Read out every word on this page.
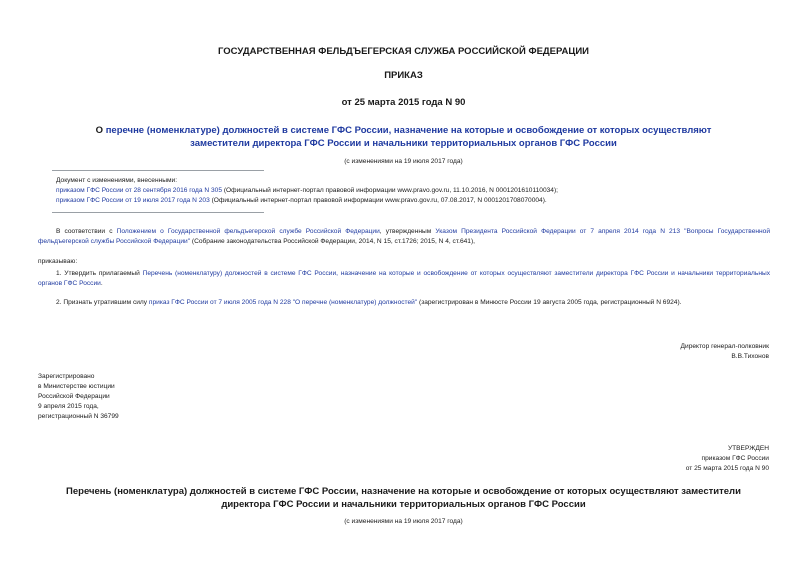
ГОСУДАРСТВЕННАЯ ФЕЛЬДЪЕГЕРСКАЯ СЛУЖБА РОССИЙСКОЙ ФЕДЕРАЦИИ
ПРИКАЗ
от 25 марта 2015 года N 90
О перечне (номенклатуре) должностей в системе ГФС России, назначение на которые и освобождение от которых осуществляют заместители директора ГФС России и начальники территориальных органов ГФС России
(с изменениями на 19 июля 2017 года)
Документ с изменениями, внесенными:
приказом ГФС России от 28 сентября 2016 года N 305 (Официальный интернет-портал правовой информации www.pravo.gov.ru, 11.10.2016, N 0001201610110034);
приказом ГФС России от 19 июля 2017 года N 203 (Официальный интернет-портал правовой информации www.pravo.gov.ru, 07.08.2017, N 0001201708070004).
В соответствии с Положением о Государственной фельдъегерской службе Российской Федерации, утвержденным Указом Президента Российской Федерации от 7 апреля 2014 года N 213 "Вопросы Государственной фельдъегерской службы Российской Федерации" (Собрание законодательства Российской Федерации, 2014, N 15, ст.1726; 2015, N 4, ст.641),
приказываю:
1. Утвердить прилагаемый Перечень (номенклатуру) должностей в системе ГФС России, назначение на которые и освобождение от которых осуществляют заместители директора ГФС России и начальники территориальных органов ГФС России.
2. Признать утратившим силу приказ ГФС России от 7 июля 2005 года N 228 "О перечне (номенклатуре) должностей" (зарегистрирован в Минюсте России 19 августа 2005 года, регистрационный N 6924).
Директор генерал-полковник
В.В.Тихонов
Зарегистрировано
в Министерстве юстиции
Российской Федерации
9 апреля 2015 года,
регистрационный N 36799
УТВЕРЖДЕН
приказом ГФС России
от 25 марта 2015 года N 90
Перечень (номенклатура) должностей в системе ГФС России, назначение на которые и освобождение от которых осуществляют заместители директора ГФС России и начальники территориальных органов ГФС России
(с изменениями на 19 июля 2017 года)
